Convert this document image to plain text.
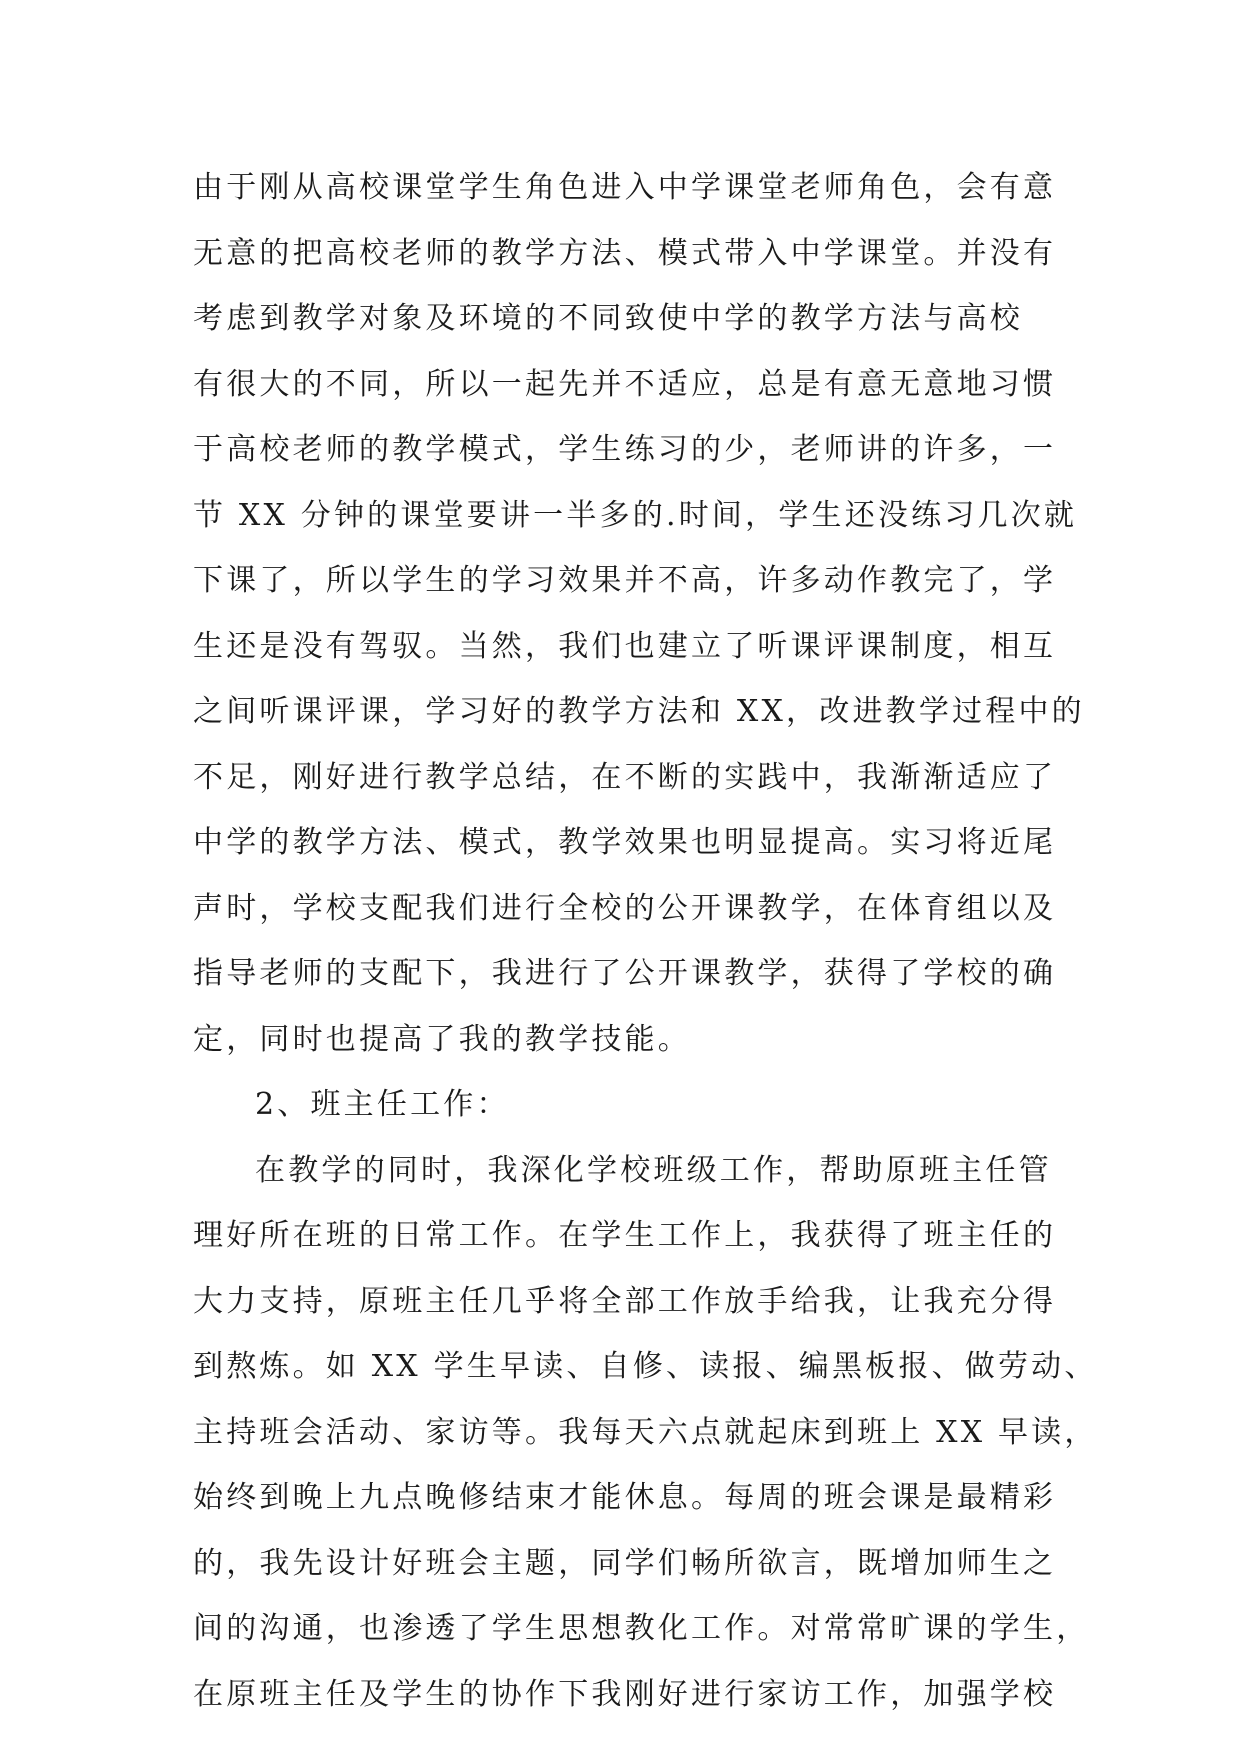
由于刚从高校课堂学生角色进入中学课堂老师角色，会有意
无意的把高校老师的教学方法、模式带入中学课堂。并没有
考虑到教学对象及环境的不同致使中学的教学方法与高校
有很大的不同，所以一起先并不适应，总是有意无意地习惯
于高校老师的教学模式，学生练习的少，老师讲的许多，一
节 XX 分钟的课堂要讲一半多的.时间，学生还没练习几次就
下课了，所以学生的学习效果并不高，许多动作教完了，学
生还是没有驾驭。当然，我们也建立了听课评课制度，相互
之间听课评课，学习好的教学方法和 XX，改进教学过程中的
不足，刚好进行教学总结，在不断的实践中，我渐渐适应了
中学的教学方法、模式，教学效果也明显提高。实习将近尾
声时，学校支配我们进行全校的公开课教学，在体育组以及
指导老师的支配下，我进行了公开课教学，获得了学校的确
定，同时也提高了我的教学技能。
2、班主任工作：
在教学的同时，我深化学校班级工作，帮助原班主任管
理好所在班的日常工作。在学生工作上，我获得了班主任的
大力支持，原班主任几乎将全部工作放手给我，让我充分得
到熬炼。如 XX 学生早读、自修、读报、编黑板报、做劳动、
主持班会活动、家访等。我每天六点就起床到班上 XX 早读，
始终到晚上九点晚修结束才能休息。每周的班会课是最精彩
的，我先设计好班会主题，同学们畅所欲言，既增加师生之
间的沟通，也渗透了学生思想教化工作。对常常旷课的学生，
在原班主任及学生的协作下我刚好进行家访工作，加强学校
